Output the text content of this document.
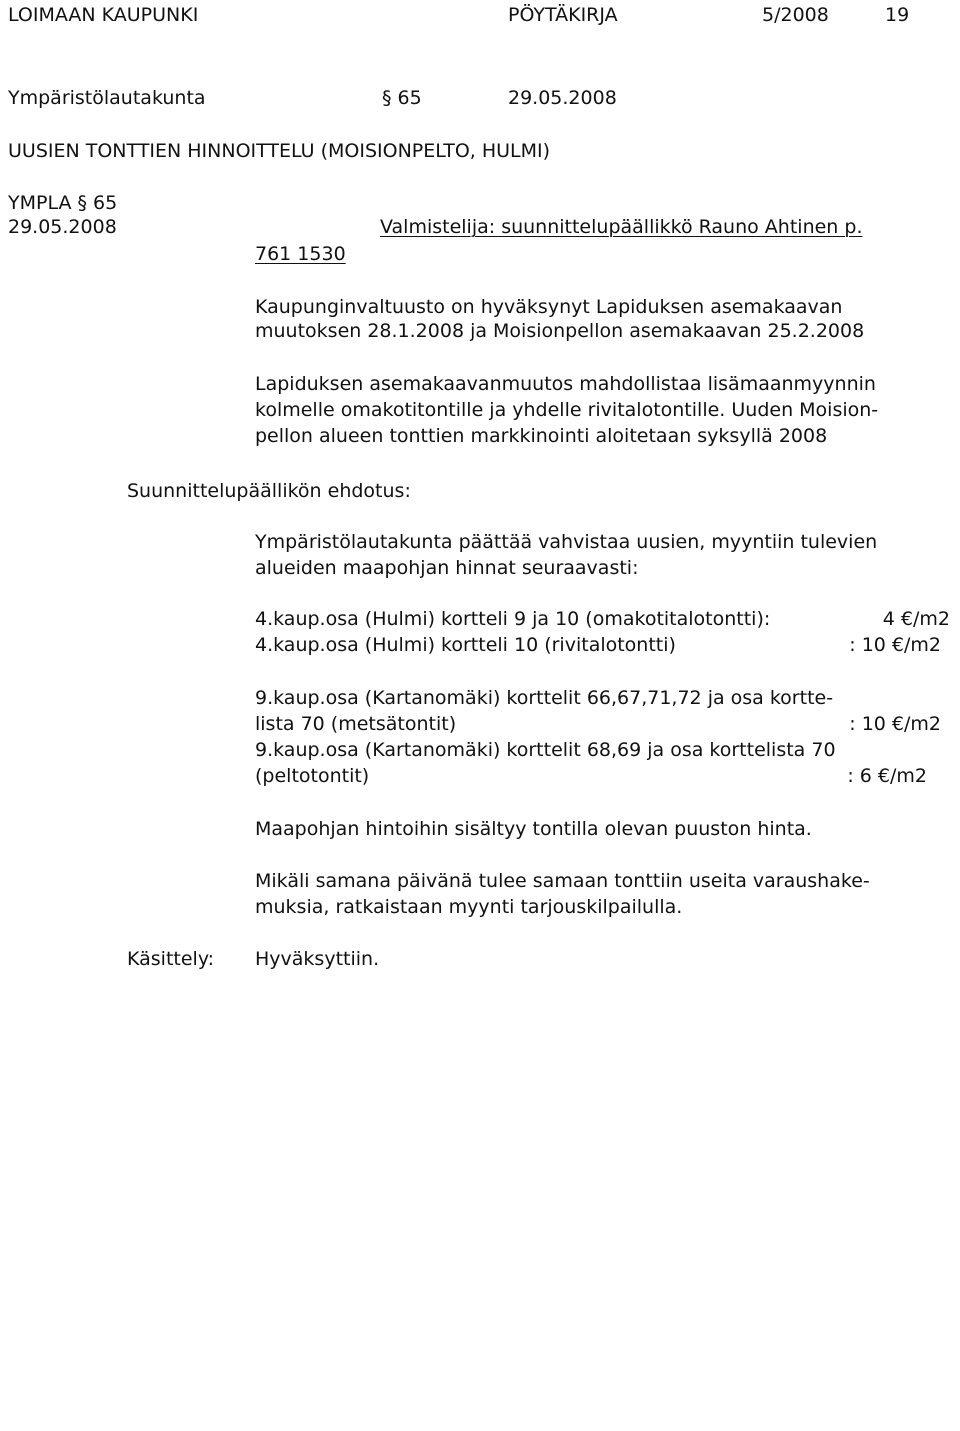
LOIMAAN KAUPUNKI	PÖYTÄKIRJA	5/2008	19
Ympäristölautakunta	§ 65	29.05.2008
UUSIEN TONTTIEN HINNOITTELU (MOISIONPELTO, HULMI)
YMPLA § 65
29.05.2008	Valmistelija: suunnittelupäällikkö Rauno Ahtinen p.
761 1530
Kaupunginvaltuusto on hyväksynyt Lapiduksen asemakaavan
muutoksen 28.1.2008 ja Moisionpellon asemakaavan 25.2.2008
Lapiduksen asemakaavanmuutos mahdollistaa lisämaanmyynnin
kolmelle omakotitontille ja yhdelle rivitalotontille. Uuden Moision-
pellon alueen tonttien markkinointi aloitetaan syksyllä 2008
Suunnittelupäällikön ehdotus:
Ympäristölautakunta päättää vahvistaa uusien, myyntiin tulevien
alueiden maapohjan hinnat seuraavasti:
4.kaup.osa (Hulmi) kortteli 9 ja 10 (omakotitalotontti):	4 €/m2
4.kaup.osa (Hulmi) kortteli 10 (rivitalotontti)	: 10 €/m2
9.kaup.osa (Kartanomäki) korttelit 66,67,71,72 ja osa kortte-
lista 70 (metsätontit)	: 10 €/m2
9.kaup.osa (Kartanomäki) korttelit 68,69 ja osa korttelista 70
(peltotontit)	: 6 €/m2
Maapohjan hintoihin sisältyy tontilla olevan puuston hinta.
Mikäli samana päivänä tulee samaan tonttiin useita varaushake-
muksia, ratkaistaan myynti tarjouskilpailulla.
Käsittely: Hyväksyttiin.
